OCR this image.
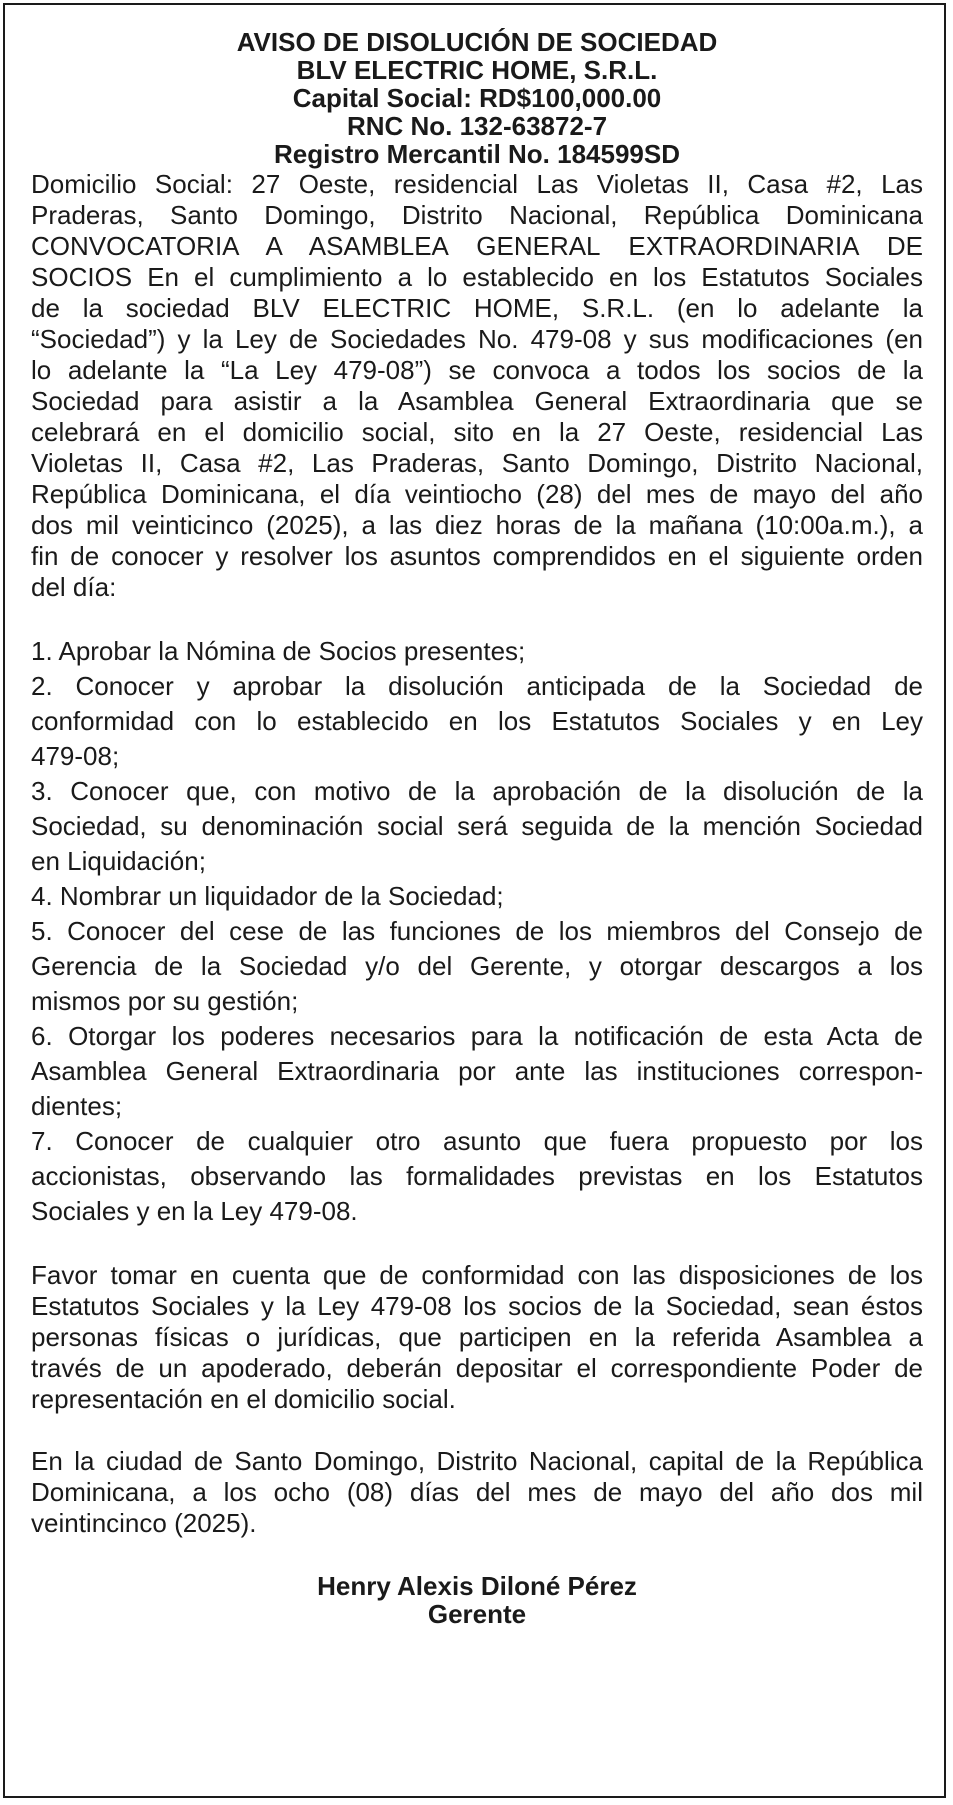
AVISO DE DISOLUCIÓN DE SOCIEDAD
BLV ELECTRIC HOME, S.R.L.
Capital Social: RD$100,000.00
RNC No. 132-63872-7
Registro Mercantil No. 184599SD
Domicilio Social: 27 Oeste, residencial Las Violetas II, Casa #2, Las
Praderas, Santo Domingo, Distrito Nacional, República Dominicana
CONVOCATORIA A ASAMBLEA GENERAL EXTRAORDINARIA DE
SOCIOS En el cumplimiento a lo establecido en los Estatutos Sociales
de la sociedad BLV ELECTRIC HOME, S.R.L. (en lo adelante la
“Sociedad”) y la Ley de Sociedades No. 479-08 y sus modificaciones (en
lo adelante la “La Ley 479-08”) se convoca a todos los socios de la
Sociedad para asistir a la Asamblea General Extraordinaria que se
celebrará en el domicilio social, sito en la 27 Oeste, residencial Las
Violetas II, Casa #2, Las Praderas, Santo Domingo, Distrito Nacional,
República Dominicana, el día veintiocho (28) del mes de mayo del año
dos mil veinticinco (2025), a las diez horas de la mañana (10:00a.m.), a
fin de conocer y resolver los asuntos comprendidos en el siguiente orden
del día:
1. Aprobar la Nómina de Socios presentes;
2. Conocer y aprobar la disolución anticipada de la Sociedad de
conformidad con lo establecido en los Estatutos Sociales y en Ley
479-08;
3. Conocer que, con motivo de la aprobación de la disolución de la
Sociedad, su denominación social será seguida de la mención Sociedad
en Liquidación;
4. Nombrar un liquidador de la Sociedad;
5. Conocer del cese de las funciones de los miembros del Consejo de
Gerencia de la Sociedad y/o del Gerente, y otorgar descargos a los
mismos por su gestión;
6. Otorgar los poderes necesarios para la notificación de esta Acta de
Asamblea General Extraordinaria por ante las instituciones correspon-
dientes;
7. Conocer de cualquier otro asunto que fuera propuesto por los
accionistas, observando las formalidades previstas en los Estatutos
Sociales y en la Ley 479-08.
Favor tomar en cuenta que de conformidad con las disposiciones de los
Estatutos Sociales y la Ley 479-08 los socios de la Sociedad, sean éstos
personas físicas o jurídicas, que participen en la referida Asamblea a
través de un apoderado, deberán depositar el correspondiente Poder de
representación en el domicilio social.
En la ciudad de Santo Domingo, Distrito Nacional, capital de la República
Dominicana, a los ocho (08) días del mes de mayo del año dos mil
veintincinco (2025).
Henry Alexis Diloné Pérez
Gerente
